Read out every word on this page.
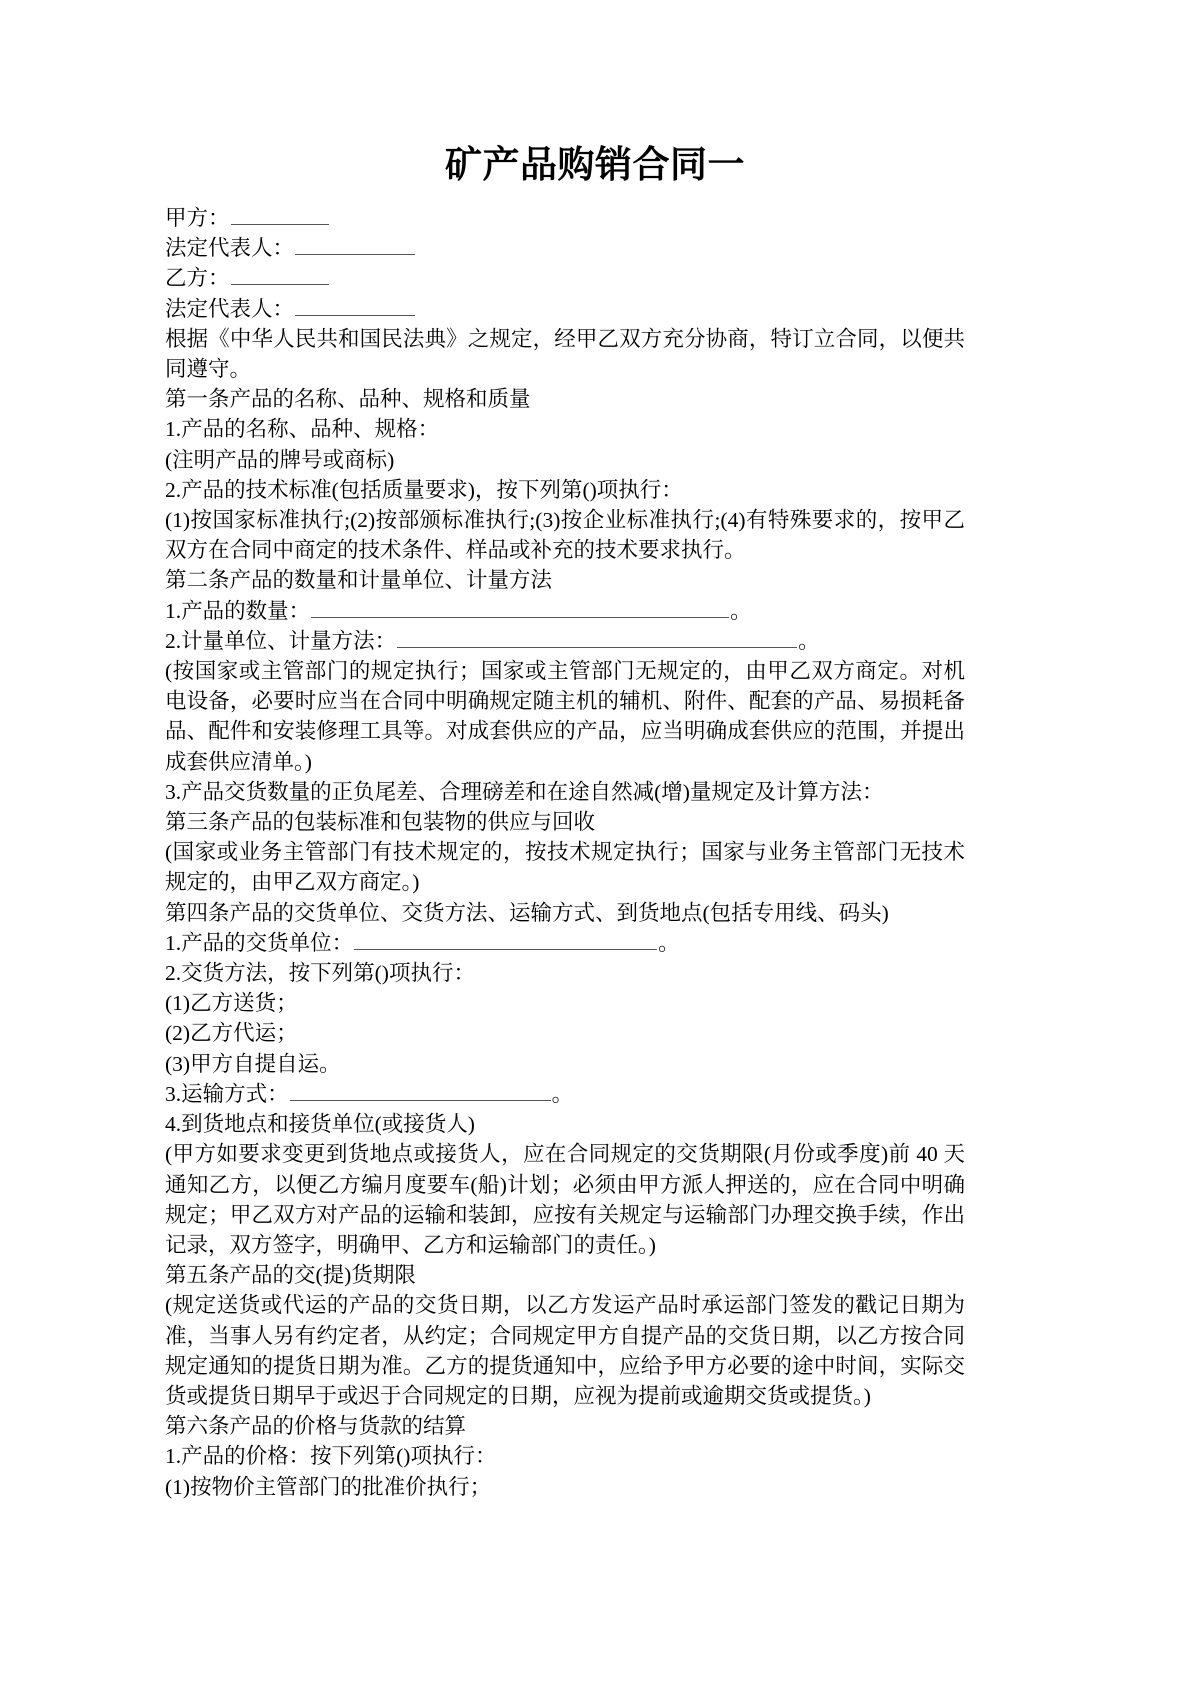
矿产品购销合同一
甲方：
法定代表人：
乙方：
法定代表人：
根据《中华人民共和国民法典》之规定，经甲乙双方充分协商，特订立合同，以便共同遵守。
第一条产品的名称、品种、规格和质量
1.产品的名称、品种、规格：
(注明产品的牌号或商标)
2.产品的技术标准(包括质量要求)，按下列第()项执行：
(1)按国家标准执行;(2)按部颁标准执行;(3)按企业标准执行;(4)有特殊要求的，按甲乙双方在合同中商定的技术条件、样品或补充的技术要求执行。
第二条产品的数量和计量单位、计量方法
1.产品的数量：	。
2.计量单位、计量方法：	。
(按国家或主管部门的规定执行；国家或主管部门无规定的，由甲乙双方商定。对机电设备，必要时应当在合同中明确规定随主机的辅机、附件、配套的产品、易损耗备品、配件和安装修理工具等。对成套供应的产品，应当明确成套供应的范围，并提出成套供应清单。)
3.产品交货数量的正负尾差、合理磅差和在途自然减(增)量规定及计算方法：
第三条产品的包装标准和包装物的供应与回收
(国家或业务主管部门有技术规定的，按技术规定执行；国家与业务主管部门无技术规定的，由甲乙双方商定。)
第四条产品的交货单位、交货方法、运输方式、到货地点(包括专用线、码头)
1.产品的交货单位：	。
2.交货方法，按下列第()项执行：
(1)乙方送货；
(2)乙方代运；
(3)甲方自提自运。
3.运输方式：	。
4.到货地点和接货单位(或接货人)
(甲方如要求变更到货地点或接货人，应在合同规定的交货期限(月份或季度)前 40 天通知乙方，以便乙方编月度要车(船)计划；必须由甲方派人押送的，应在合同中明确规定；甲乙双方对产品的运输和装卸，应按有关规定与运输部门办理交换手续，作出记录，双方签字，明确甲、乙方和运输部门的责任。)
第五条产品的交(提)货期限
(规定送货或代运的产品的交货日期，以乙方发运产品时承运部门签发的戳记日期为准，当事人另有约定者，从约定；合同规定甲方自提产品的交货日期，以乙方按合同规定通知的提货日期为准。乙方的提货通知中，应给予甲方必要的途中时间，实际交货或提货日期早于或迟于合同规定的日期，应视为提前或逾期交货或提货。)
第六条产品的价格与货款的结算
1.产品的价格：按下列第()项执行：
(1)按物价主管部门的批准价执行；
